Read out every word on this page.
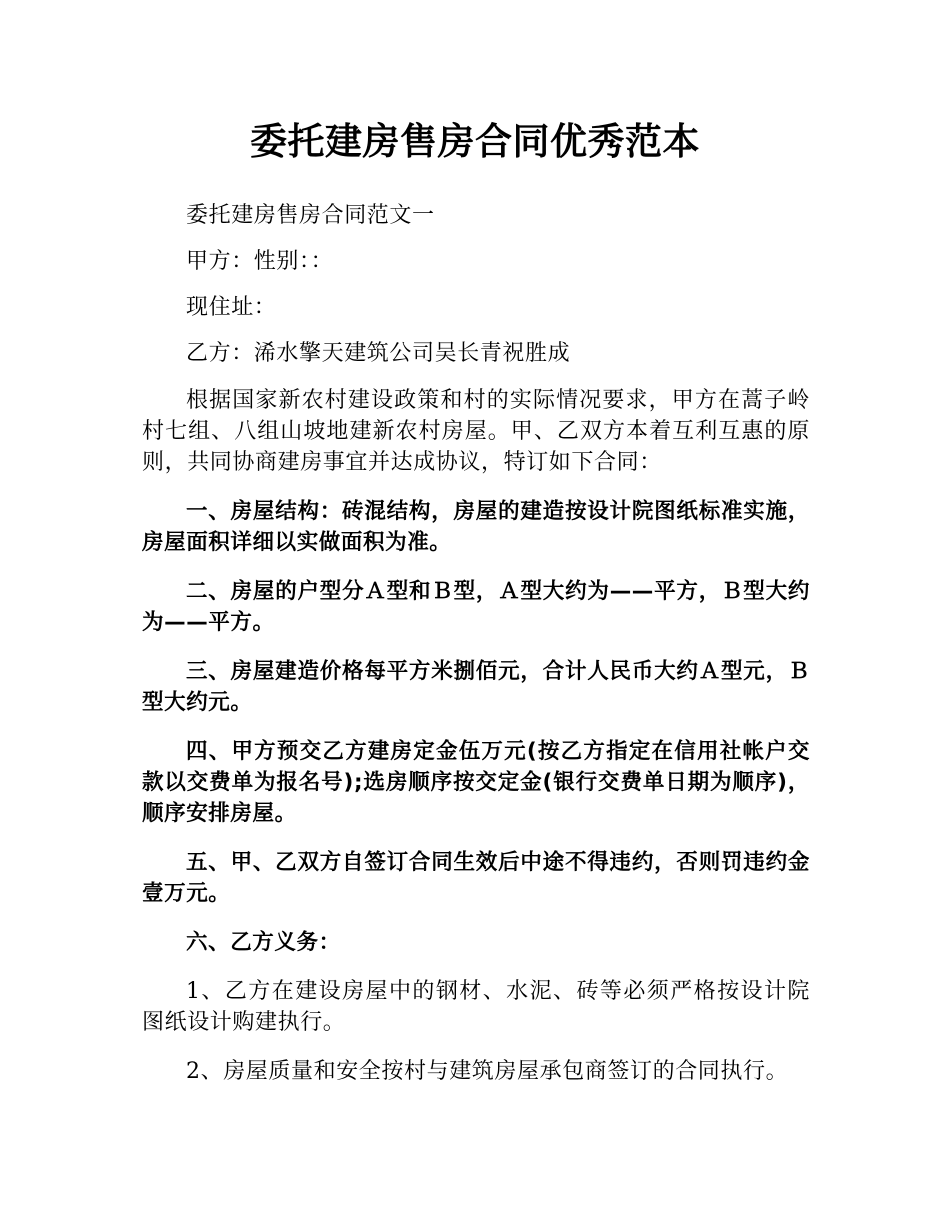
委托建房售房合同优秀范本

委托建房售房合同范文一

甲方：性别：：

现住址：

乙方：浠水擎天建筑公司吴长青祝胜成

根据国家新农村建设政策和村的实际情况要求，甲方在蒿子岭村七组、八组山坡地建新农村房屋。甲、乙双方本着互利互惠的原则，共同协商建房事宜并达成协议，特订如下合同：

一、房屋结构：砖混结构，房屋的建造按设计院图纸标准实施，房屋面积详细以实做面积为准。

二、房屋的户型分Ａ型和Ｂ型，Ａ型大约为——平方，Ｂ型大约为——平方。

三、房屋建造价格每平方米捌佰元，合计人民币大约Ａ型元，Ｂ型大约元。

四、甲方预交乙方建房定金伍万元(按乙方指定在信用社帐户交款以交费单为报名号);选房顺序按交定金(银行交费单日期为顺序)，顺序安排房屋。

五、甲、乙双方自签订合同生效后中途不得违约，否则罚违约金壹万元。

六、乙方义务：

1、乙方在建设房屋中的钢材、水泥、砖等必须严格按设计院图纸设计购建执行。

2、房屋质量和安全按村与建筑房屋承包商签订的合同执行。
